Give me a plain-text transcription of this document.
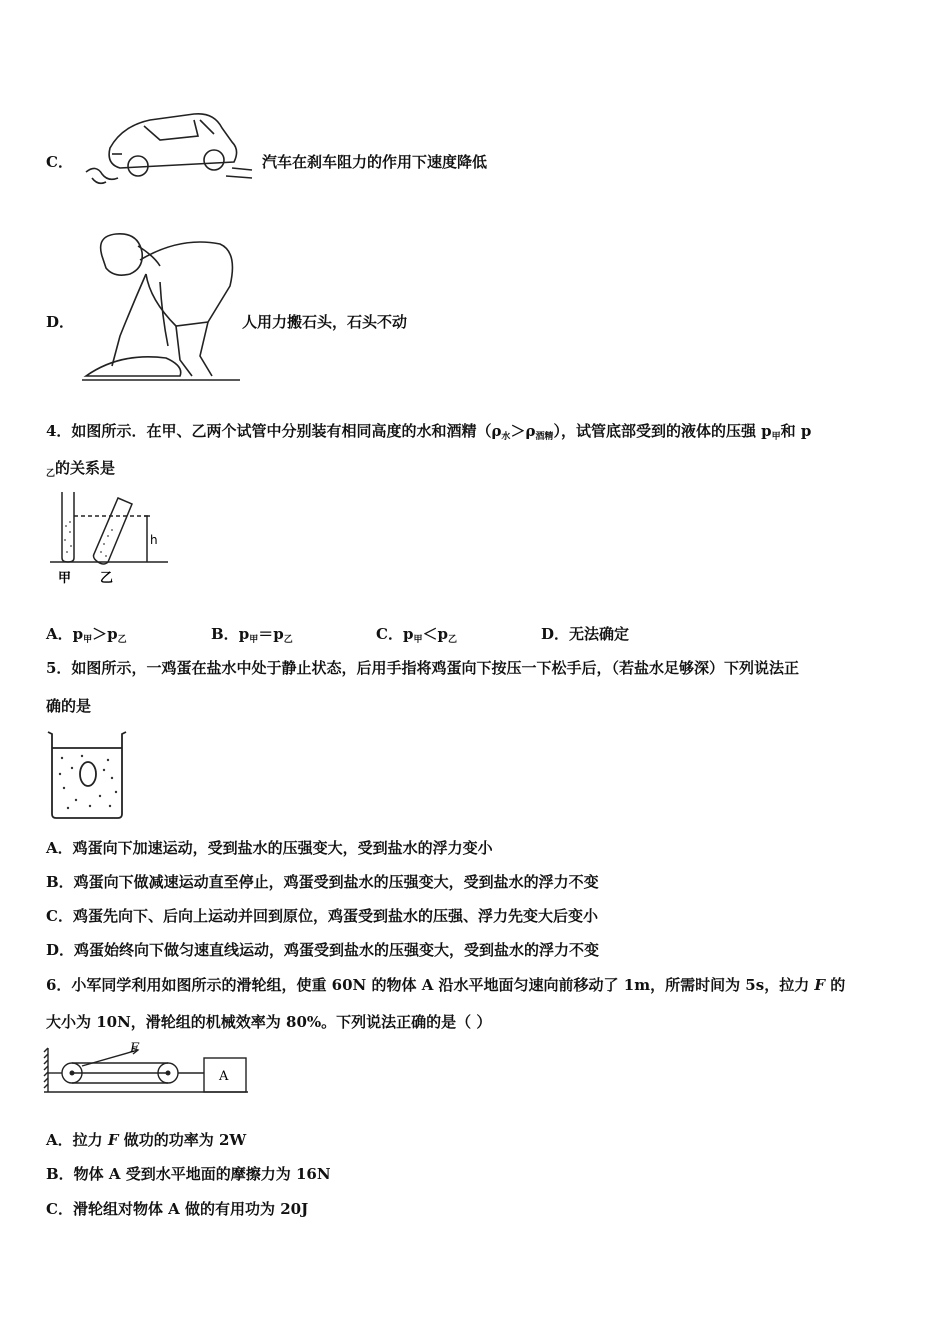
C．	汽车在刹车阻力的作用下速度降低
D．	人用力搬石头，石头不动
4．如图所示．在甲、乙两个试管中分别装有相同高度的水和酒精$(\rho_水>\rho_{酒精})$，试管底部受到的液体的压强 $p_甲$和 p
$_乙$的关系是
甲 乙
h
A．$p_甲>p_乙$	B．$p_甲=p_乙$	C．$p_甲<p_乙$	D．无法确定
5．如图所示，一鸡蛋在盐水中处于静止状态，后用手指将鸡蛋向下按压一下松手后，（若盐水足够深）下列说法正
确的是
A．鸡蛋向下加速运动，受到盐水的压强变大，受到盐水的浮力变小
B．鸡蛋向下做减速运动直至停止，鸡蛋受到盐水的压强变大，受到盐水的浮力不变
C．鸡蛋先向下、后向上运动并回到原位，鸡蛋受到盐水的压强、浮力先变大后变小
D．鸡蛋始终向下做匀速直线运动，鸡蛋受到盐水的压强变大，受到盐水的浮力不变
6．小军同学利用如图所示的滑轮组，使重 60N 的物体 A 沿水平地面匀速向前移动了 1m，所需时间为 5s，拉力 F 的
大小为 10N，滑轮组的机械效率为 80%。下列说法正确的是（ ）
F
A
A．拉力 F 做功的功率为 2W
B．物体 A 受到水平地面的摩擦力为 16N
C．滑轮组对物体 A 做的有用功为 20J
